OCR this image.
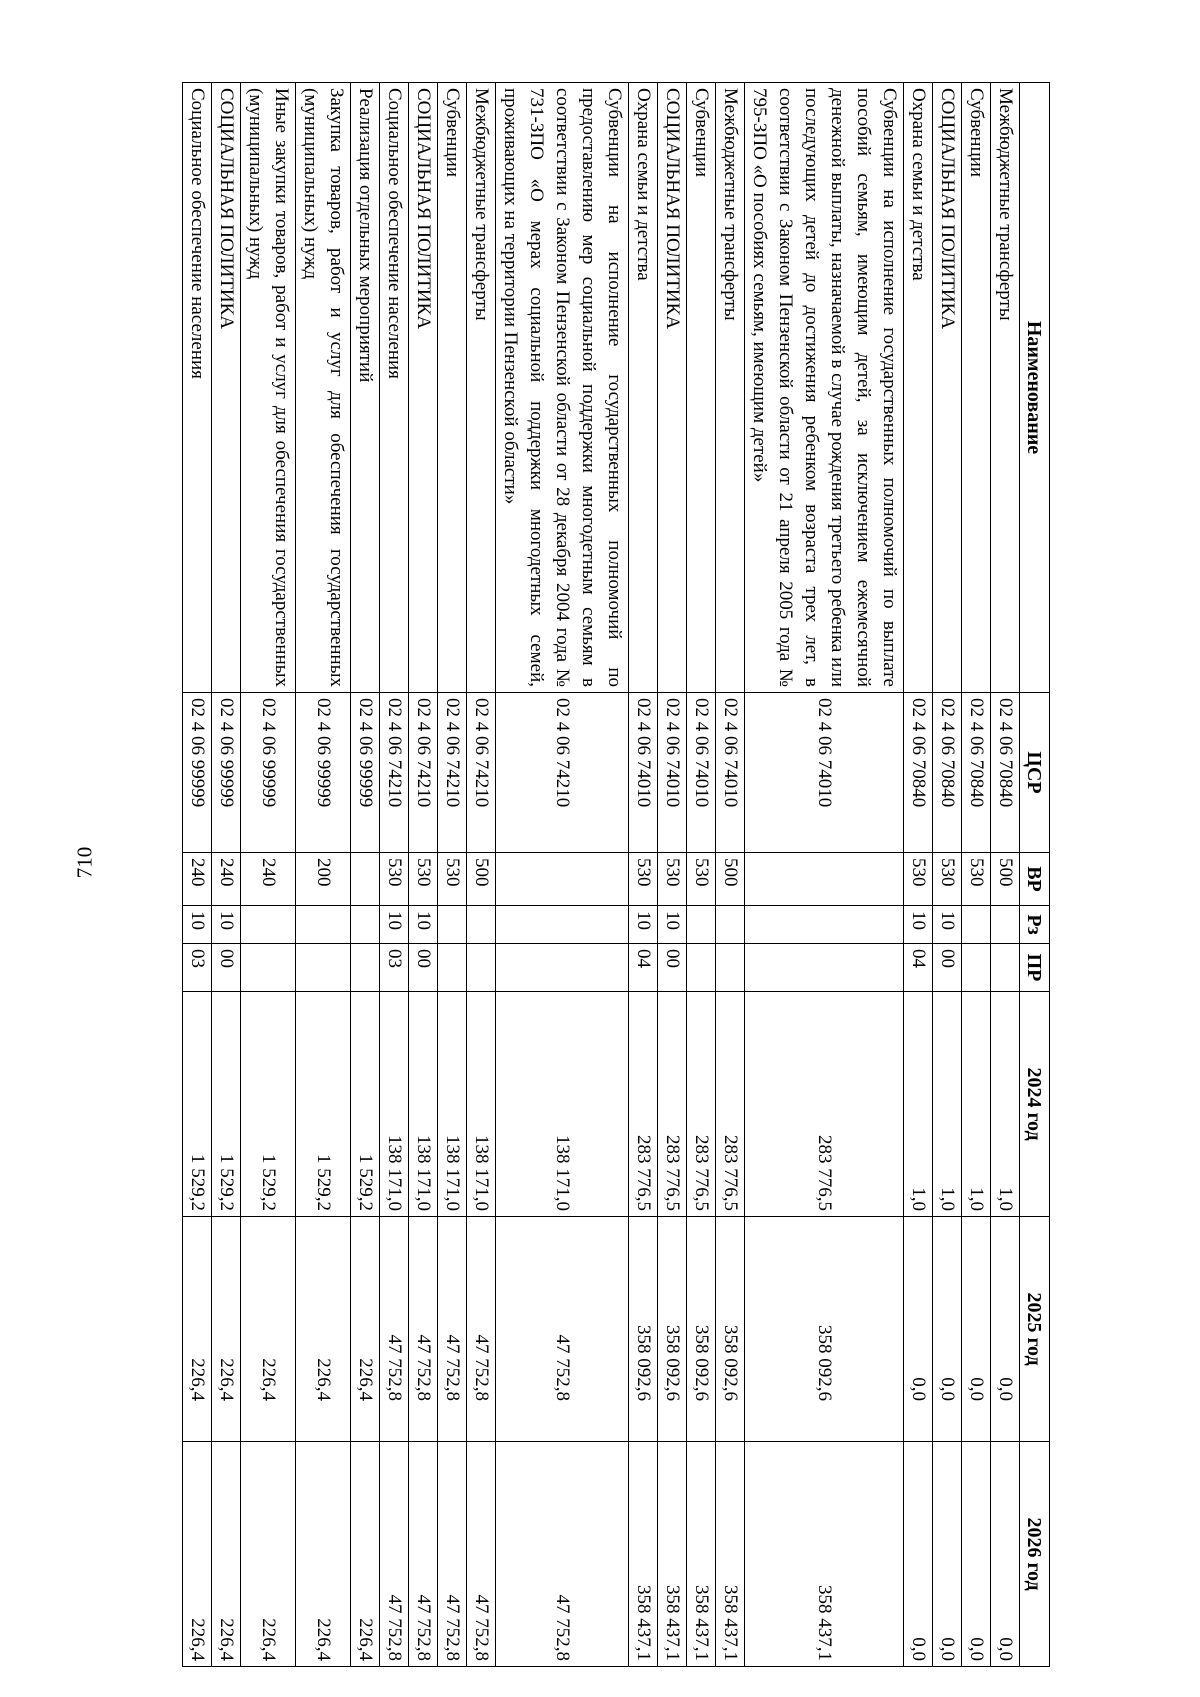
710
Наименование	ЦСР	ВР	Рз	ПР	2024 год	2025 год	2026 год
Межбюджетные трансферты	02 4 06 70840	500			1,0	0,0	0,0
Субвенции	02 4 06 70840	530			1,0	0,0	0,0
СОЦИАЛЬНАЯ ПОЛИТИКА	02 4 06 70840	530	10	00	1,0	0,0	0,0
Охрана семьи и детства	02 4 06 70840	530	10	04	1,0	0,0	0,0
Субвенции на исполнение государственных полномочий по выплате пособий семьям, имеющим детей, за исключением ежемесячной денежной выплаты, назначаемой в случае рождения третьего ребенка или последующих детей до достижения ребенком возраста трех лет, в соответствии с Законом Пензенской области от 21 апреля 2005 года № 795-ЗПО «О пособиях семьям, имеющим детей»	02 4 06 74010				283 776,5	358 092,6	358 437,1
Межбюджетные трансферты	02 4 06 74010	500			283 776,5	358 092,6	358 437,1
Субвенции	02 4 06 74010	530			283 776,5	358 092,6	358 437,1
СОЦИАЛЬНАЯ ПОЛИТИКА	02 4 06 74010	530	10	00	283 776,5	358 092,6	358 437,1
Охрана семьи и детства	02 4 06 74010	530	10	04	283 776,5	358 092,6	358 437,1
Субвенции на исполнение государственных полномочий по предоставлению мер социальной поддержки многодетным семьям в соответствии с Законом Пензенской области от 28 декабря 2004 года № 731-ЗПО «О мерах социальной поддержки многодетных семей, проживающих на территории Пензенской области»	02 4 06 74210				138 171,0	47 752,8	47 752,8
Межбюджетные трансферты	02 4 06 74210	500			138 171,0	47 752,8	47 752,8
Субвенции	02 4 06 74210	530			138 171,0	47 752,8	47 752,8
СОЦИАЛЬНАЯ ПОЛИТИКА	02 4 06 74210	530	10	00	138 171,0	47 752,8	47 752,8
Социальное обеспечение населения	02 4 06 74210	530	10	03	138 171,0	47 752,8	47 752,8
Реализация отдельных мероприятий	02 4 06 99999				1 529,2	226,4	226,4
Закупка товаров, работ и услуг для обеспечения государственных (муниципальных) нужд	02 4 06 99999	200			1 529,2	226,4	226,4
Иные закупки товаров, работ и услуг для обеспечения государственных (муниципальных) нужд	02 4 06 99999	240			1 529,2	226,4	226,4
СОЦИАЛЬНАЯ ПОЛИТИКА	02 4 06 99999	240	10	00	1 529,2	226,4	226,4
Социальное обеспечение населения	02 4 06 99999	240	10	03	1 529,2	226,4	226,4
